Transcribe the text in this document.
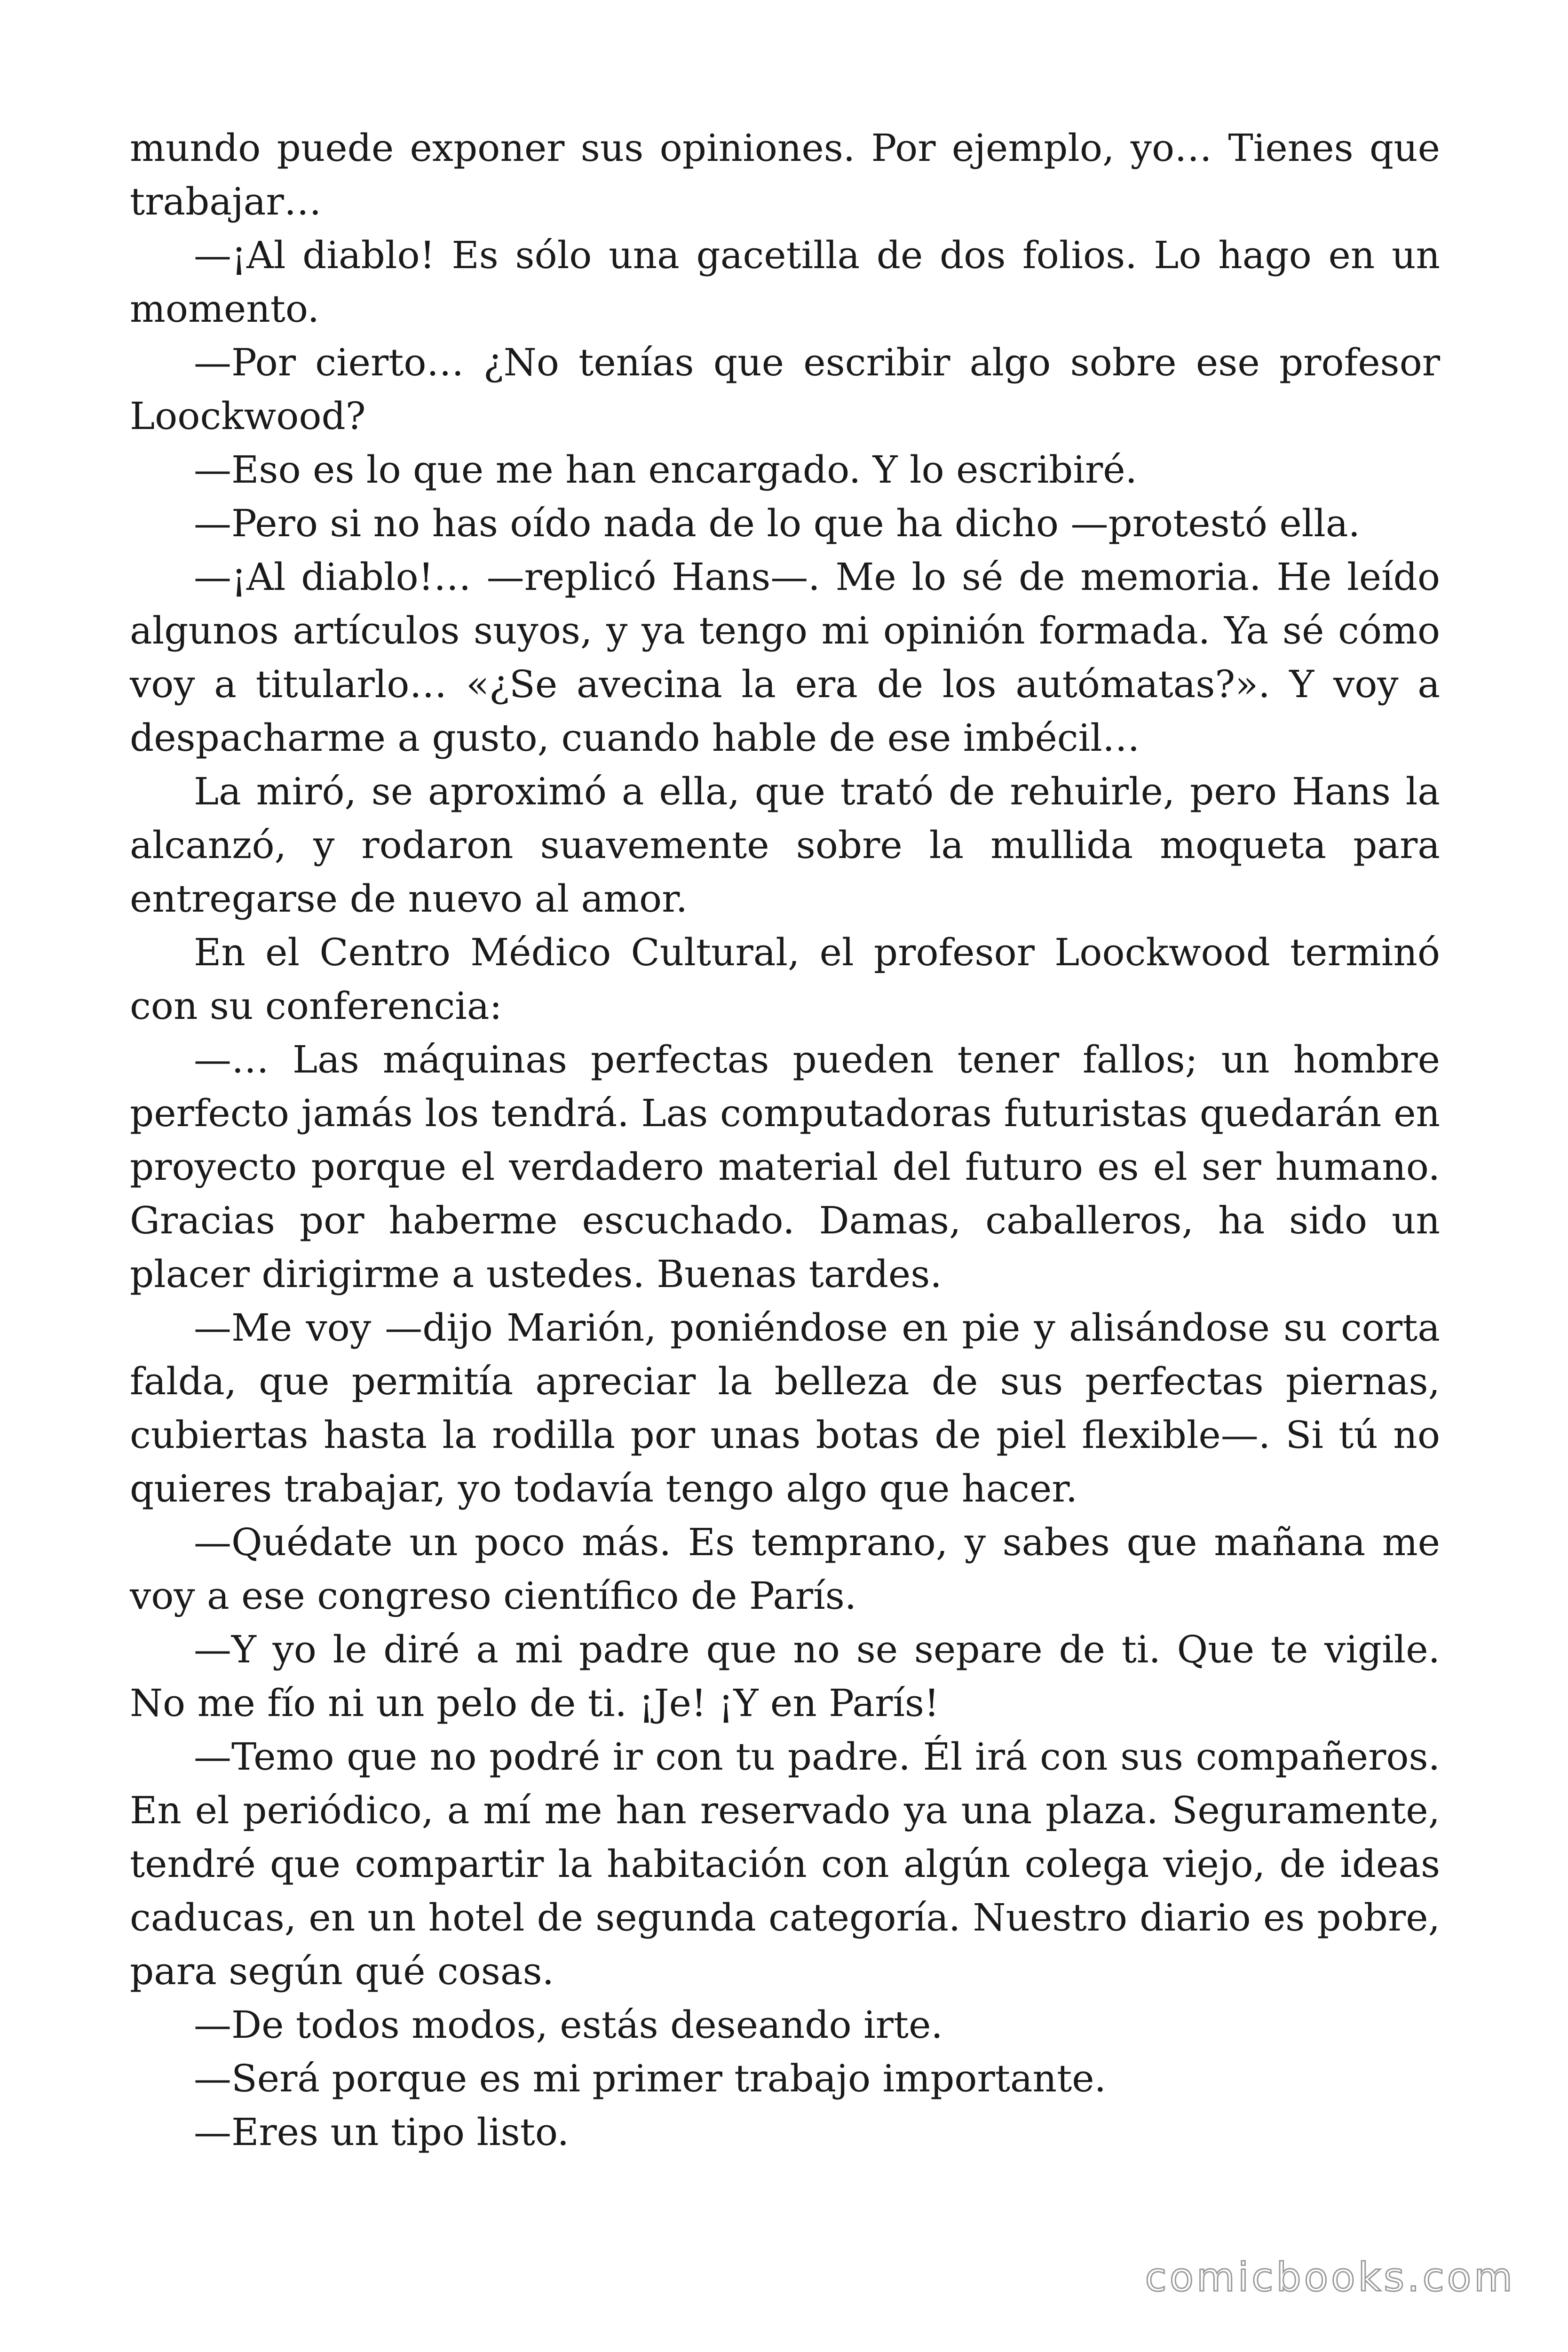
mundo puede exponer sus opiniones. Por ejemplo, yo… Tienes que trabajar…

—¡Al diablo! Es sólo una gacetilla de dos folios. Lo hago en un momento.

—Por cierto… ¿No tenías que escribir algo sobre ese profesor Loockwood?

—Eso es lo que me han encargado. Y lo escribiré.

—Pero si no has oído nada de lo que ha dicho —protestó ella.

—¡Al diablo!… —replicó Hans—. Me lo sé de memoria. He leído algunos artículos suyos, y ya tengo mi opinión formada. Ya sé cómo voy a titularlo… «¿Se avecina la era de los autómatas?». Y voy a despacharme a gusto, cuando hable de ese imbécil…

La miró, se aproximó a ella, que trató de rehuirle, pero Hans la alcanzó, y rodaron suavemente sobre la mullida moqueta para entregarse de nuevo al amor.

En el Centro Médico Cultural, el profesor Loockwood terminó con su conferencia:

—… Las máquinas perfectas pueden tener fallos; un hombre perfecto jamás los tendrá. Las computadoras futuristas quedarán en proyecto porque el verdadero material del futuro es el ser humano. Gracias por haberme escuchado. Damas, caballeros, ha sido un placer dirigirme a ustedes. Buenas tardes.

—Me voy —dijo Marión, poniéndose en pie y alisándose su corta falda, que permitía apreciar la belleza de sus perfectas piernas, cubiertas hasta la rodilla por unas botas de piel flexible—. Si tú no quieres trabajar, yo todavía tengo algo que hacer.

—Quédate un poco más. Es temprano, y sabes que mañana me voy a ese congreso científico de París.

—Y yo le diré a mi padre que no se separe de ti. Que te vigile. No me fío ni un pelo de ti. ¡Je! ¡Y en París!

—Temo que no podré ir con tu padre. Él irá con sus compañeros. En el periódico, a mí me han reservado ya una plaza. Seguramente, tendré que compartir la habitación con algún colega viejo, de ideas caducas, en un hotel de segunda categoría. Nuestro diario es pobre, para según qué cosas.

—De todos modos, estás deseando irte.

—Será porque es mi primer trabajo importante.

—Eres un tipo listo.

comicbooks.com
